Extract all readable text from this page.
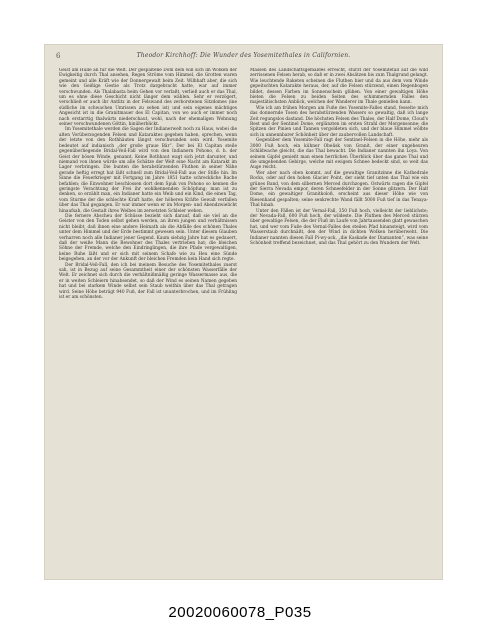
6	Theodor Kirchhoff: Die Wunder des Yosemitethales in Californien.

Geist am Hülle an für die Welt. Der gespaltene Dom dem will sich im Wolken der Ewigkeitig durch Thal ansehen, Regen Ströme vom Himmel, die Grotten waren gemeint und alle Kräft wie der Donnergewalt beim Zeit. Wilhhaft aber, die sich wie den Geißige Gestie als Trotz dargebracht hatte, war auf immer verschwunden. Als Thalabasta beim Gehen vor verlaßt, verließ auch er das Thal, um es ohne diese Geschicht nicht länger dem wählen. Sehr er verzögert, verschließ er auch ihr Antlitz in der Felswand des zerborstenen Sitzdomes (ine südliche im schwachen Umrissen zu sehen ist) und sein eigenes mächtiges Angesicht ist in die Granitmauer des El Capitan, von wo auch er immer noch nach erstarrtig thalwärts niederschaut, wohl, nach der ehemaligen Wohnung seiner verschwundenen Göttin, hinüberblickt.

Im Yosemitethale werden die Sagen der Indianerwelt noch zu Haus, wobei die alten Vorüberzogenden Felsen und Kataraktes gegeben haben, sprechen, wenn der letzte von den Rothhäuten längst verschwunden sein wird. Yosemite bedeutet auf indianisch „der große graue Bär“. Der bei El Capitan steile gegenüberliegende Bridal-Veil-Fall wird von den Indianern Pohono, d. h. der Geist der bösen Winde, genannt. Keine Rothhaut wagt sich jetzt darunter, und niemand von ihnen würde um alle Schätze der Welt eine Nacht am Katarakt im Lager verbringen. Die bunten die herabstürzenden Fluthen in seiner Nähe gerade heftig erregt hat läßt schnell zum Bridal-Veil-Fall aus der Stille hin. Im Sinne die Feuerkrieger mit Fortgang im Jahre 1851 hatte schreckliche Rache befahlen; die Einwohner beschlossen dort dem Spuk von Pohono so kennen die geringste Verachtung der Frei ihr wohlkennenden Schöpfung; man ist zu denken, so erzählt man, ein Indianer hatte ein Weib und ein Kind, die einen Tag, vom Sturme der die schlechte Kraft hatte, der höheren Kräfte Gewalt verfallen über das Thal gegangen. Er war immer wenn er im Morgen- und Abendzwielicht hinaufsah, die Gestalt ihres Weibes im zersetzten Schleier wehen.

Die fernere Abscheu der Schüsse bezieht sich darauf, daß sie viel an die Geister von den Toden selbst gehen werden, an ihren jungen und verhältnissen nicht bleibt, daß ihnen eine andere Heimath als die Abfälle des schönen Thales unter dem Himmel und der Erde bestimmt gewesen sein. Unter diesem Glauben verharren noch alle Indianer jener Gegend. Kaum siebzig Jahre hat es gedauert, daß der weiße Mann die Bewohner des Thales vertrieben hat; die bleichen Söhne der Fremde, welche den Eindringlingen, die ihre Pfade vergewaltigen, keine Ruhe läßt und er sich mit seinem Schafe wie zu Heu eine Sünde beigegeben, an der vor der Ankunft der bleichen Fremden kein Hand sich regte.

Der Bridal-Veil-Fall, den ich bei meinem Besuche des Yosemitethales zuerst sah, ist in Bezug auf seine Gesammtheit einer der schönsten Wasserfälle der Welt. Er zeichnet sich durch die verhältnißmäßig geringe Wassermasse aus, die er in weiten Schleiern hinabsendet, so daß der Wind es seinen Namen gegeben hat und bei starkem Winde selbst sein Staub weithin über das Thal getragen wird. Seine Höhe beträgt 940 Fuß, der Fall ist ununterbrochen, und im Frühling ist er am schönsten.

Massen des Landschaftsgemäldes erreicht, stürzt der Yosemitefall auf die wild zerrissenen Felsen herab, so daß er in zwei Absätzen bis zum Thalgrund gelangt. Wie leuchtende Raketen scheinen die Fluthen hier und da aus dem vom Winde gepeitschten Katarakte heraus, der, auf die Felsen stürzend, einen Regenbogen bildet, dessen Farben im Sonnenschein glühen. Von einer gewaltigen Höhe bieten die Felsen zu beiden Seiten des schimmernden Falles den majestätischsten Anblick, welchen der Wanderer im Thale genießen kann.

Wie ich am frühen Morgen am Fuße des Yosemite-Falles stand, fesselte mich das donnernde Tosen des herabstürzenden Wassers so gewaltig, daß ich lange Zeit regungslos dastand. Die höchsten Felsen des Thales, der Half Dome, Cloud's Rest und der Sentinel Dome, erglänzten im ersten Strahl der Morgensonne; die Spitzen der Pinien und Tannen vergoldeten sich, und der blaue Himmel wölbte sich in unnennbarer Schönheit über der zaubervollen Landschaft.

Gegenüber dem Yosemite-Fall ragt der Sentinel-Felsen in die Höhe, mehr als 3000 Fuß hoch, ein kühner Obelisk von Granit, der einer ungeheuren Schildwache gleicht, die das Thal bewacht. Die Indianer nannten ihn Loya. Von seinem Gipfel genießt man einen herrlichen Überblick über das ganze Thal und die umgebenden Gebirge, welche mit ewigem Schnee bedeckt sind, so weit das Auge reicht.

Wer aber nach oben kommt, auf die gewaltige Granitzinne die Kathedrale Rocks, oder auf den hohen Glacier Point, der sieht tief unten das Thal wie ein grünes Band, von dem silbernen Merced durchzogen. Ostwärts ragen die Gipfel der Sierra Nevada empor, deren Schneefelder in der Sonne glitzern. Der Half Dome, ein gewaltiger Granitkoloß, erscheint aus dieser Höhe wie von Riesenhand gespalten; seine senkrechte Wand fällt 5000 Fuß tief in das Tenaya-Thal hinab.

Unter den Fällen ist der Vernal-Fall, 350 Fuß hoch, vielleicht der lieblichste; der Nevada-Fall, 600 Fuß hoch, der wildeste. Die Fluthen des Merced stürzen über gewaltige Felsen, die der Fluß im Laufe von Jahrtausenden glatt gewaschen hat, und wer vom Fuße des Vernal-Falles den steilen Pfad hinansteigt, wird vom Wasserstaub durchnäßt, den der Wind in dichten Wolken herüberweht. Die Indianer nannten diesen Fall Pi-wy-ack, „die Kaskade der Diamanten“, was seine Schönheit treffend bezeichnet, und das Thal gehört zu den Wundern der Welt.

20020060078_P035
